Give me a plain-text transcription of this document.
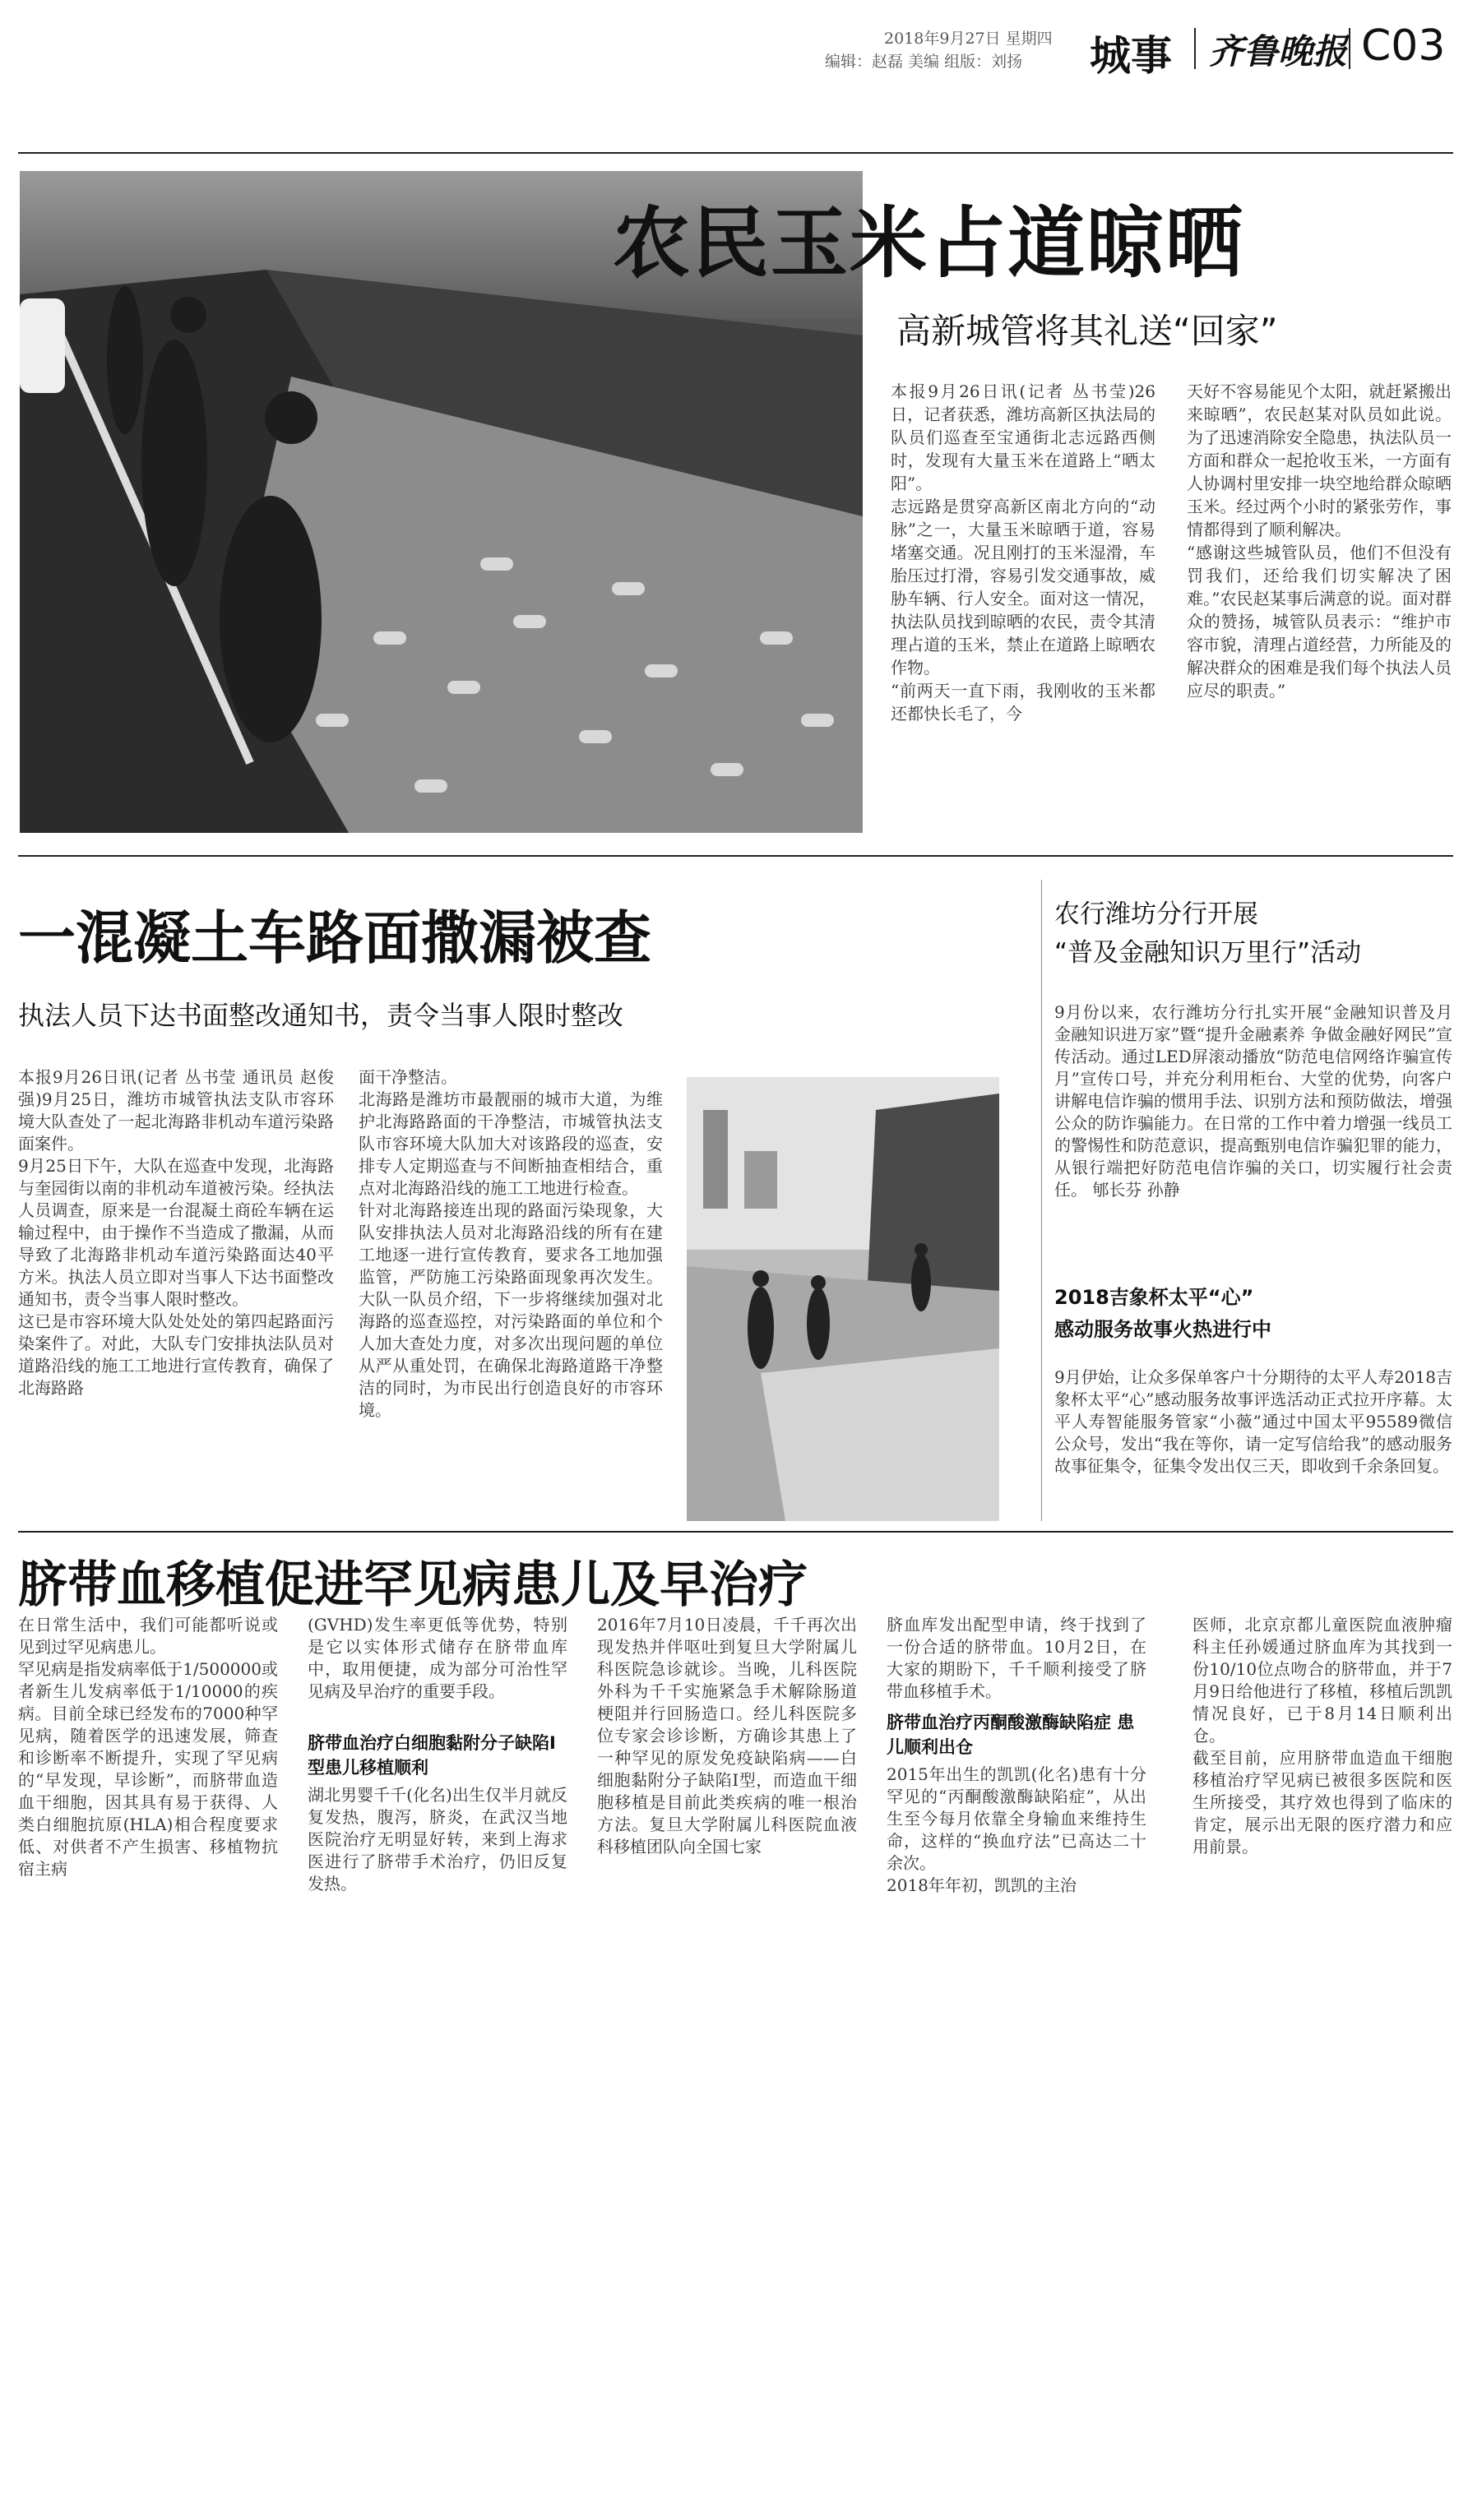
2018年9月27日 星期四
编辑：赵磊 美编 组版：刘扬 城事 齐鲁晚报 C03
农民玉米占道晾晒
高新城管将其礼送“回家”
本报9月26日讯(记者 丛书莹)26日，记者获悉，潍坊高新区执法局的队员们巡查至宝通街北志远路西侧时，发现有大量玉米在道路上“晒太阳”。
志远路是贯穿高新区南北方向的“动脉”之一，大量玉米晾晒于道，容易堵塞交通。况且刚打的玉米湿滑，车胎压过打滑，容易引发交通事故，威胁车辆、行人安全。面对这一情况，执法队员找到晾晒的农民，责令其清理占道的玉米，禁止在道路上晾晒农作物。
“前两天一直下雨，我刚收的玉米都还都快长毛了，今
天好不容易能见个太阳，就赶紧搬出来晾晒”，农民赵某对队员如此说。为了迅速消除安全隐患，执法队员一方面和群众一起抢收玉米，一方面有人协调村里安排一块空地给群众晾晒玉米。经过两个小时的紧张劳作，事情都得到了顺利解决。
“感谢这些城管队员，他们不但没有罚我们，还给我们切实解决了困难。”农民赵某事后满意的说。面对群众的赞扬，城管队员表示：“维护市容市貌，清理占道经营，力所能及的解决群众的困难是我们每个执法人员应尽的职责。”
一混凝土车路面撒漏被查
执法人员下达书面整改通知书，责令当事人限时整改
本报9月26日讯(记者 丛书莹 通讯员 赵俊强)9月25日，潍坊市城管执法支队市容环境大队查处了一起北海路非机动车道污染路面案件。
9月25日下午，大队在巡查中发现，北海路与奎园街以南的非机动车道被污染。经执法人员调查，原来是一台混凝土商砼车辆在运输过程中，由于操作不当造成了撒漏，从而导致了北海路非机动车道污染路面达40平方米。执法人员立即对当事人下达书面整改通知书，责令当事人限时整改。
这已是市容环境大队处处处的第四起路面污染案件了。对此，大队专门安排执法队员对道路沿线的施工工地进行宣传教育，确保了北海路路
面干净整洁。
北海路是潍坊市最靓丽的城市大道，为维护北海路路面的干净整洁，市城管执法支队市容环境大队加大对该路段的巡查，安排专人定期巡查与不间断抽查相结合，重点对北海路沿线的施工工地进行检查。
针对北海路接连出现的路面污染现象，大队安排执法人员对北海路沿线的所有在建工地逐一进行宣传教育，要求各工地加强监管，严防施工污染路面现象再次发生。大队一队员介绍，下一步将继续加强对北海路的巡查巡控，对污染路面的单位和个人加大查处力度，对多次出现问题的单位从严从重处罚，在确保北海路道路干净整洁的同时，为市民出行创造良好的市容环境。
农行潍坊分行开展
“普及金融知识万里行”活动
9月份以来，农行潍坊分行扎实开展“金融知识普及月 金融知识进万家”暨“提升金融素养 争做金融好网民”宣传活动。通过LED屏滚动播放“防范电信网络诈骗宣传月”宣传口号，并充分利用柜台、大堂的优势，向客户讲解电信诈骗的惯用手法、识别方法和预防做法，增强公众的防诈骗能力。在日常的工作中着力增强一线员工的警惕性和防范意识，提高甄别电信诈骗犯罪的能力，从银行端把好防范电信诈骗的关口，切实履行社会责任。 郇长芬 孙静
2018吉象杯太平“心”
感动服务故事火热进行中
9月伊始，让众多保单客户十分期待的太平人寿2018吉象杯太平“心”感动服务故事评选活动正式拉开序幕。太平人寿智能服务管家“小薇”通过中国太平95589微信公众号，发出“我在等你，请一定写信给我”的感动服务故事征集令，征集令发出仅三天，即收到千余条回复。
脐带血移植促进罕见病患儿及早治疗
在日常生活中，我们可能都听说或见到过罕见病患儿。
罕见病是指发病率低于1/500000或者新生儿发病率低于1/10000的疾病。目前全球已经发布的7000种罕见病，随着医学的迅速发展，筛查和诊断率不断提升，实现了罕见病的“早发现，早诊断”，而脐带血造血干细胞，因其具有易于获得、人类白细胞抗原(HLA)相合程度要求低、对供者不产生损害、移植物抗宿主病
(GVHD)发生率更低等优势，特别是它以实体形式储存在脐带血库中，取用便捷，成为部分可治性罕见病及早治疗的重要手段。
脐带血治疗白细胞黏附分子缺陷Ⅰ型患儿移植顺利
湖北男婴千千(化名)出生仅半月就反复发热，腹泻，脐炎，在武汉当地医院治疗无明显好转，来到上海求医进行了脐带手术治疗，仍旧反复发热。
2016年7月10日凌晨，千千再次出现发热并伴呕吐到复旦大学附属儿科医院急诊就诊。当晚，儿科医院外科为千千实施紧急手术解除肠道梗阻并行回肠造口。经儿科医院多位专家会诊诊断，方确诊其患上了一种罕见的原发免疫缺陷病——白细胞黏附分子缺陷Ⅰ型，而造血干细胞移植是目前此类疾病的唯一根治方法。复旦大学附属儿科医院血液科移植团队向全国七家
脐血库发出配型申请，终于找到了一份合适的脐带血。10月2日，在大家的期盼下，千千顺利接受了脐带血移植手术。
脐带血治疗丙酮酸激酶缺陷症 患儿顺利出仓
2015年出生的凯凯(化名)患有十分罕见的“丙酮酸激酶缺陷症”，从出生至今每月依靠全身输血来维持生命，这样的“换血疗法”已高达二十余次。
2018年年初，凯凯的主治
医师，北京京都儿童医院血液肿瘤科主任孙媛通过脐血库为其找到一份10/10位点吻合的脐带血，并于7月9日给他进行了移植，移植后凯凯情况良好，已于8月14日顺利出仓。
截至目前，应用脐带血造血干细胞移植治疗罕见病已被很多医院和医生所接受，其疗效也得到了临床的肯定，展示出无限的医疗潜力和应用前景。
